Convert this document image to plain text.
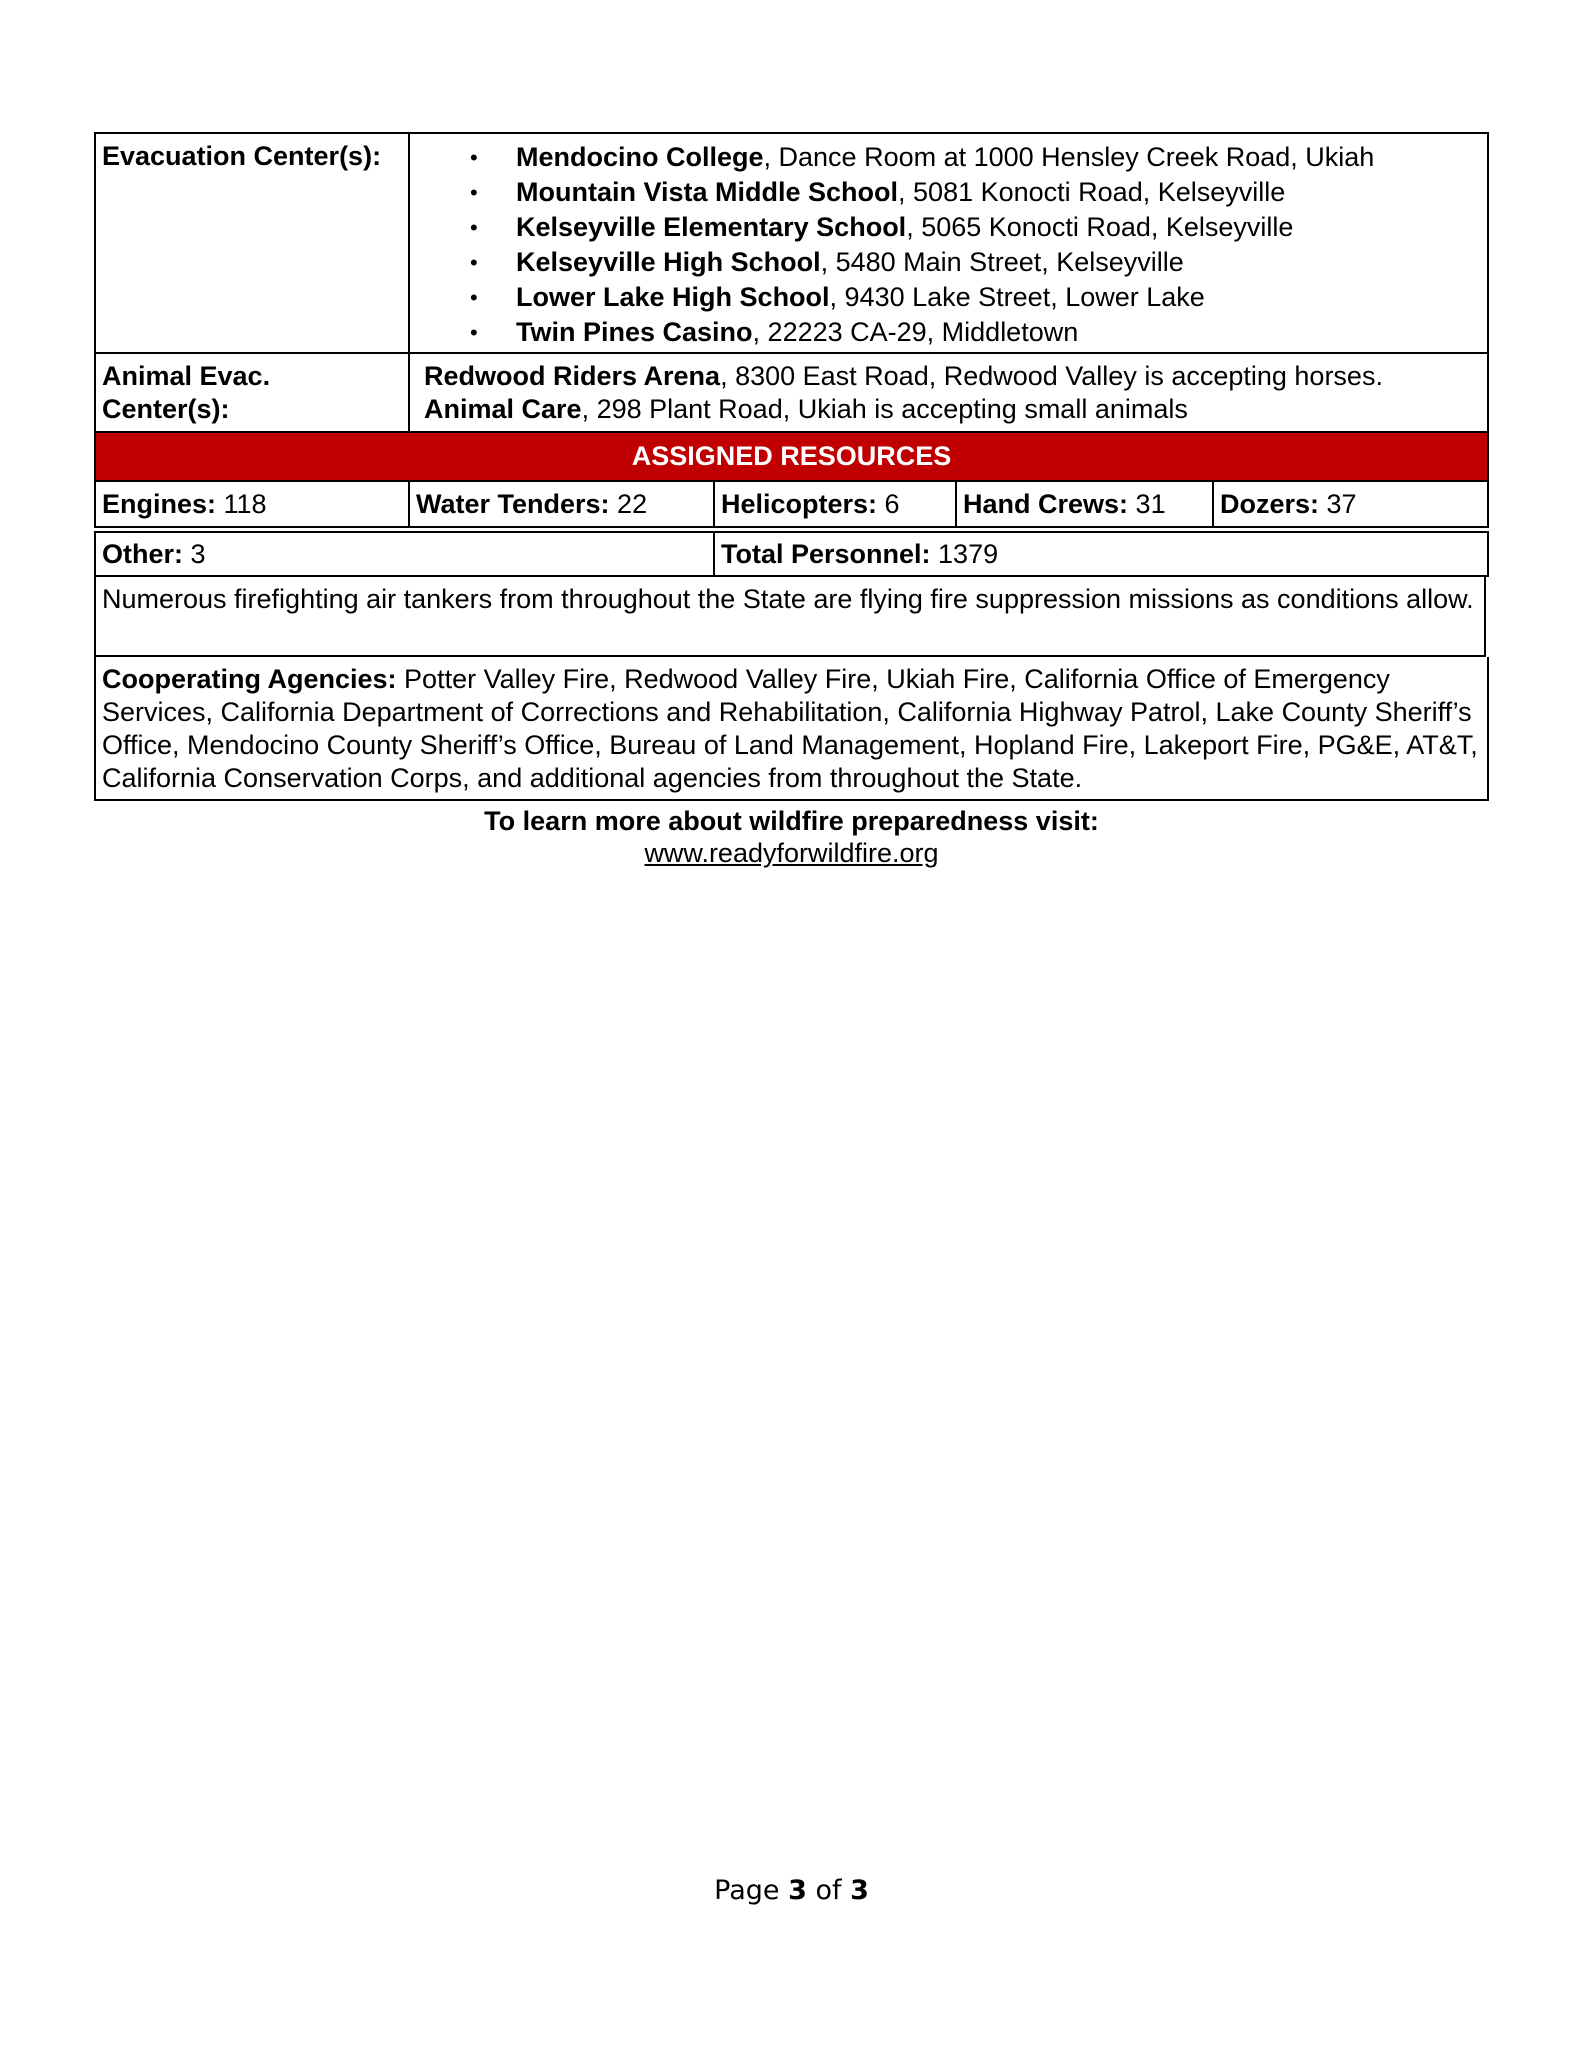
Evacuation Center(s):	• Mendocino College, Dance Room at 1000 Hensley Creek Road, Ukiah
• Mountain Vista Middle School, 5081 Konocti Road, Kelseyville
• Kelseyville Elementary School, 5065 Konocti Road, Kelseyville
• Kelseyville High School, 5480 Main Street, Kelseyville
• Lower Lake High School, 9430 Lake Street, Lower Lake
• Twin Pines Casino, 22223 CA-29, Middletown
Animal Evac. Center(s):
Redwood Riders Arena, 8300 East Road, Redwood Valley is accepting horses.
Animal Care, 298 Plant Road, Ukiah is accepting small animals
ASSIGNED RESOURCES
Engines: 118	Water Tenders: 22	Helicopters: 6	Hand Crews: 31	Dozers: 37
Other: 3	Total Personnel: 1379
Numerous firefighting air tankers from throughout the State are flying fire suppression missions as conditions allow.
Cooperating Agencies: Potter Valley Fire, Redwood Valley Fire, Ukiah Fire, California Office of Emergency Services, California Department of Corrections and Rehabilitation, California Highway Patrol, Lake County Sheriff’s Office, Mendocino County Sheriff’s Office, Bureau of Land Management, Hopland Fire, Lakeport Fire, PG&E, AT&T, California Conservation Corps, and additional agencies from throughout the State.
To learn more about wildfire preparedness visit:
www.readyforwildfire.org
Page 3 of 3
